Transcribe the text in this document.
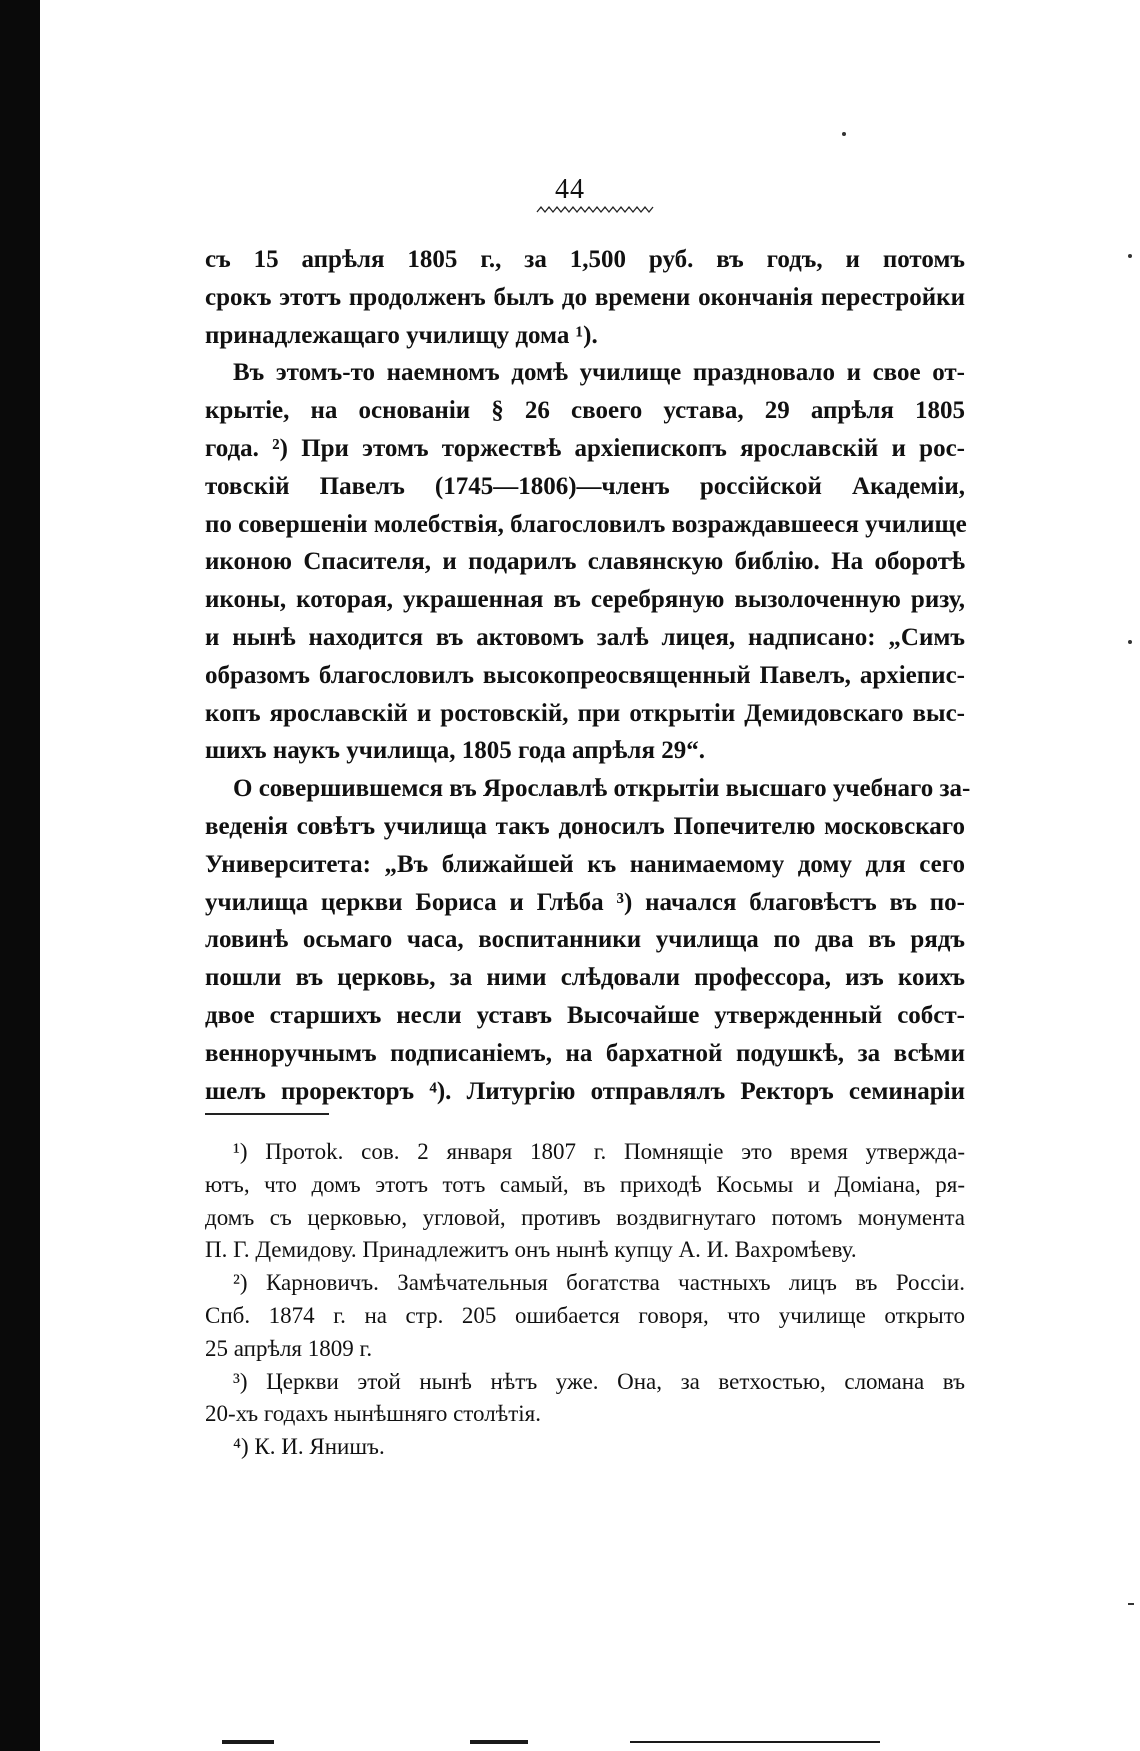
44
съ 15 апрѣля 1805 г., за 1,500 руб. въ годъ, и потомъ
срокъ этотъ продолженъ былъ до времени окончанія перестройки
принадлежащаго училищу дома ¹).
Въ этомъ-то наемномъ домѣ училище праздновало и свое от-
крытіе, на основаніи § 26 своего устава, 29 апрѣля 1805
года. ²) При этомъ торжествѣ архіепископъ ярославскій и рос-
товскій Павелъ (1745—1806)—членъ россійской Академіи,
по совершеніи молебствія, благословилъ возраждавшееся училище
иконою Спасителя, и подарилъ славянскую библію. На оборотѣ
иконы, которая, украшенная въ серебряную вызолоченную ризу,
и нынѣ находится въ актовомъ залѣ лицея, надписано: „Симъ
образомъ благословилъ высокопреосвященный Павелъ, архіепис-
копъ ярославскій и ростовскій, при открытіи Демидовскаго выс-
шихъ наукъ училища, 1805 года апрѣля 29“.
О совершившемся въ Ярославлѣ открытіи высшаго учебнаго за-
веденія совѣтъ училища такъ доносилъ Попечителю московскаго
Университета: „Въ ближайшей къ нанимаемому дому для сего
училища церкви Бориса и Глѣба ³) начался благовѣстъ въ по-
ловинѣ осьмаго часа, воспитанники училища по два въ рядъ
пошли въ церковь, за ними слѣдовали профессора, изъ коихъ
двое старшихъ несли уставъ Высочайше утвержденный собст-
венноручнымъ подписаніемъ, на бархатной подушкѣ, за всѣми
шелъ проректоръ ⁴). Литургію отправлялъ Ректоръ семинаріи
¹) Протok. сов. 2 января 1807 г. Помнящіе это время утвержда-
ютъ, что домъ этотъ тотъ самый, въ приходѣ Косьмы и Доміана, ря-
домъ съ церковью, угловой, противъ воздвигнутаго потомъ монумента
П. Г. Демидову. Принадлежитъ онъ нынѣ купцу А. И. Вахромѣеву.
²) Карновичъ. Замѣчательныя богатства частныхъ лицъ въ Россіи.
Спб. 1874 г. на стр. 205 ошибается говоря, что училище открыто
25 апрѣля 1809 г.
³) Церкви этой нынѣ нѣтъ уже. Она, за ветхостью, сломана въ
20-хъ годахъ нынѣшняго столѣтія.
⁴) К. И. Янишъ.
